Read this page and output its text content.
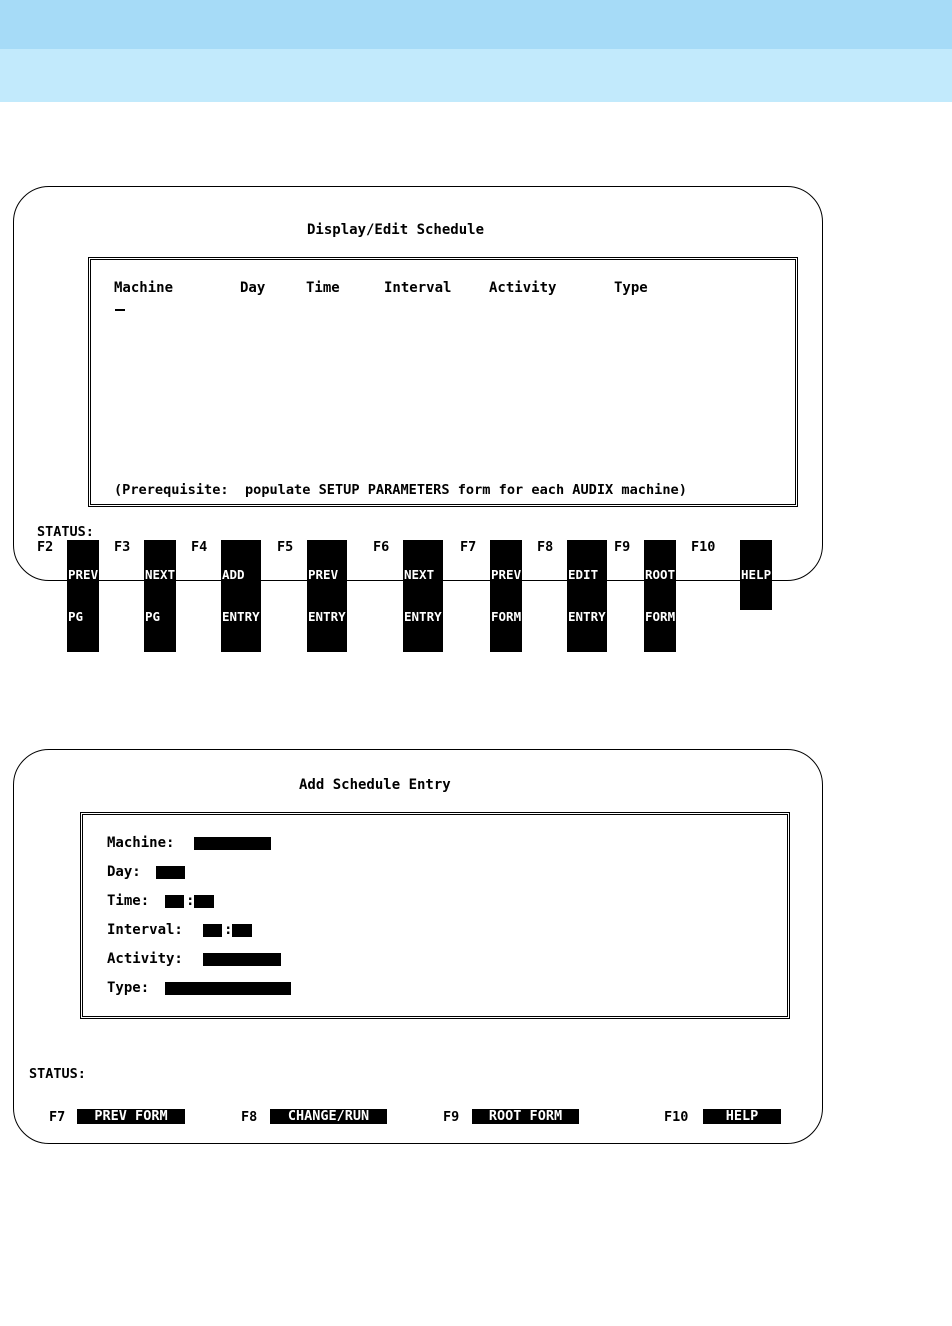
Display/Edit Schedule
Machine	Day	Time	Interval	Activity	Type
(Prerequisite:  populate SETUP PARAMETERS form for each AUDIX machine)
STATUS:
F2

PREV

PG

F3

NEXT

PG

F4

ADD

ENTRY

F5

PREV

ENTRY

F6

NEXT

ENTRY

F7

PREV

FORM

F8

EDIT

ENTRY

F9

ROOT

FORM

F10

HELP

Add Schedule Entry
Machine:
Day:
Time:	:
Interval:	:
Activity:
Type:
STATUS:
F7	PREV FORM	F8	CHANGE/RUN	F9	ROOT FORM	F10	HELP
